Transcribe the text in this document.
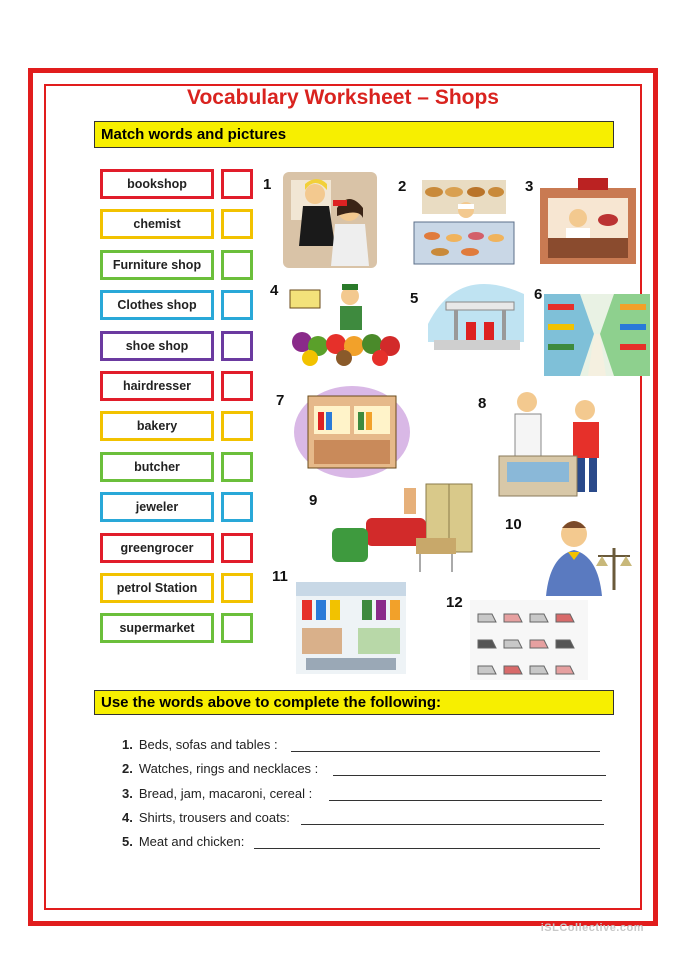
Vocabulary Worksheet – Shops
Match words and pictures
bookshop
chemist
Furniture shop
Clothes shop
shoe shop
hairdresser
bakery
butcher
jeweler
greengrocer
petrol Station
supermarket
1	2	3
4	5	6
7	8
9
10
11
12
Use the words above to complete the following:
1. Beds, sofas and tables :
2. Watches, rings and necklaces :
3. Bread, jam, macaroni, cereal :
4. Shirts, trousers and coats:
5. Meat and chicken:
iSLCollective.com
